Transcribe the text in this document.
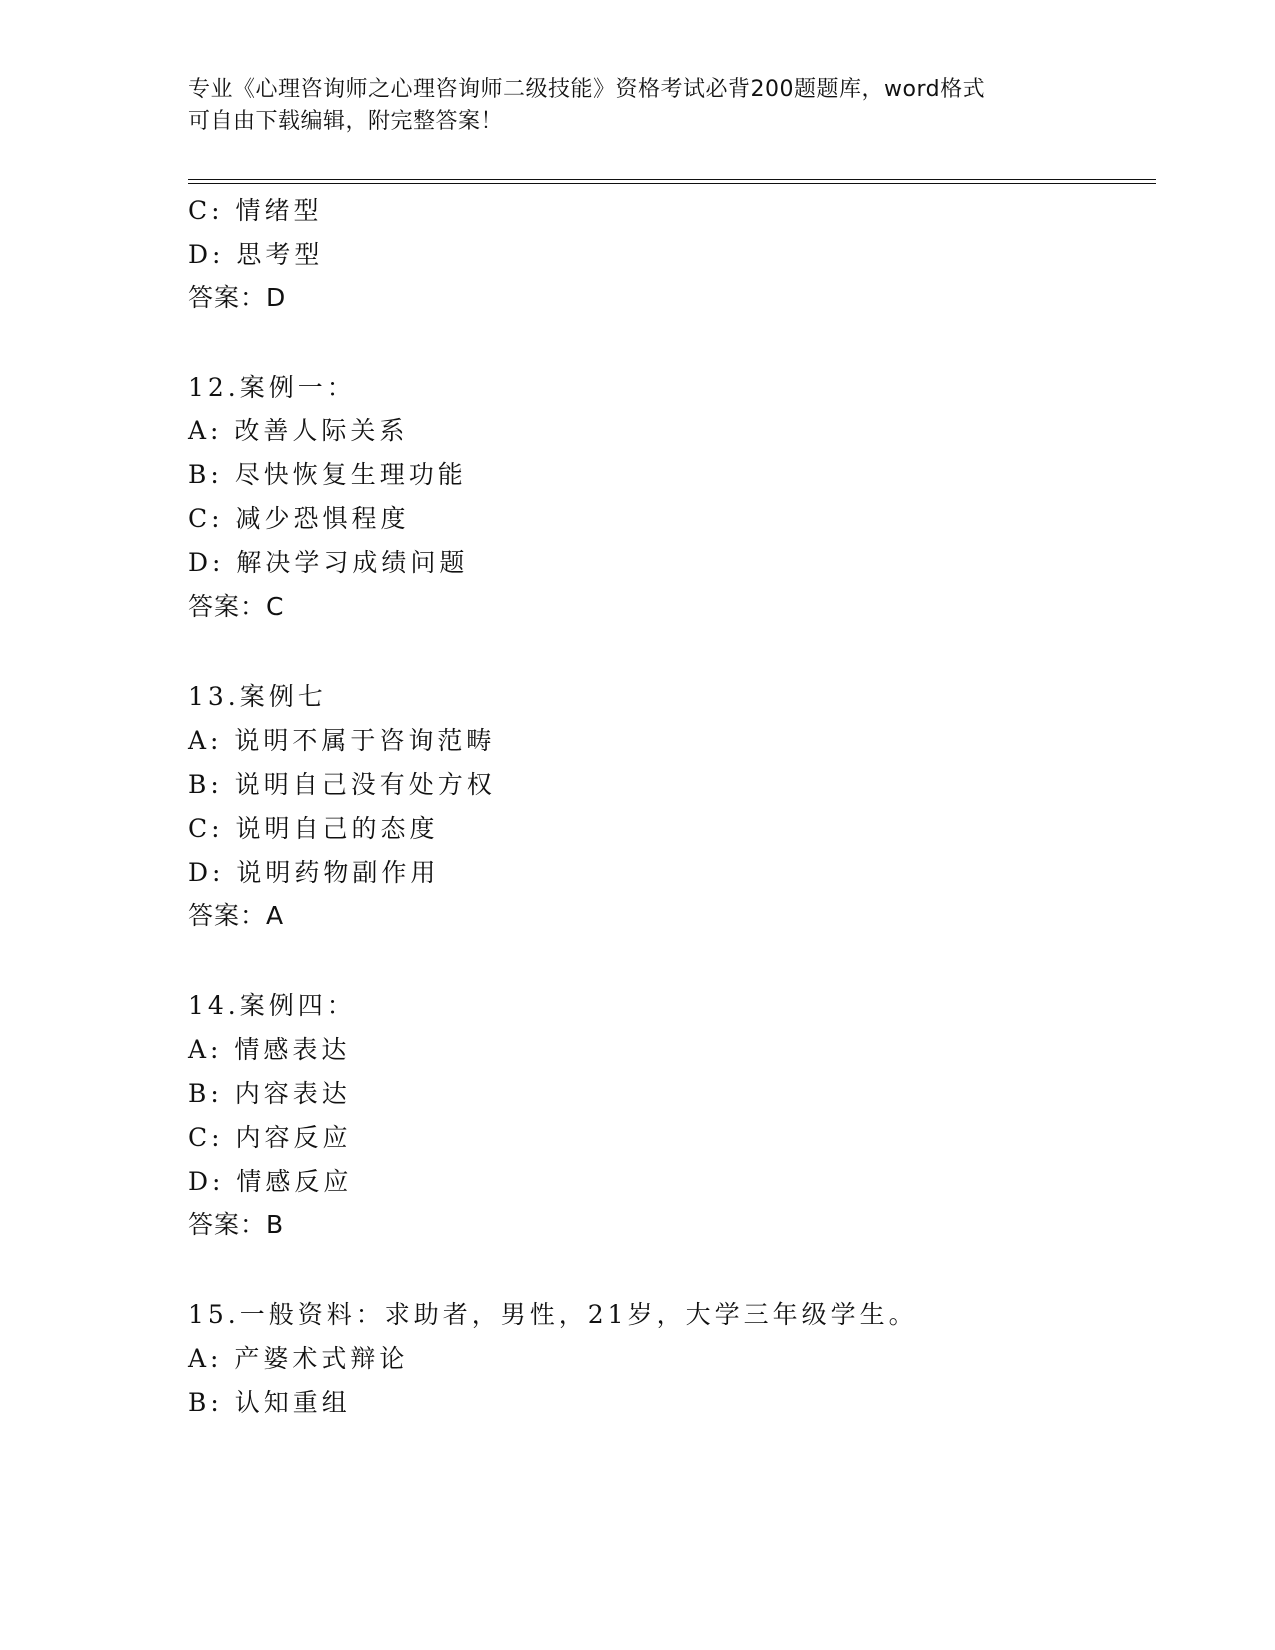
专业《心理咨询师之心理咨询师二级技能》资格考试必背200题题库，word格式
可自由下载编辑，附完整答案！
C: 情绪型
D: 思考型
答案：D
12.案例一：
A: 改善人际关系
B: 尽快恢复生理功能
C: 减少恐惧程度
D: 解决学习成绩问题
答案：C
13.案例七
A: 说明不属于咨询范畴
B: 说明自己没有处方权
C: 说明自己的态度
D: 说明药物副作用
答案：A
14.案例四：
A: 情感表达
B: 内容表达
C: 内容反应
D: 情感反应
答案：B
15.一般资料：求助者，男性，21岁，大学三年级学生。
A: 产婆术式辩论
B: 认知重组
